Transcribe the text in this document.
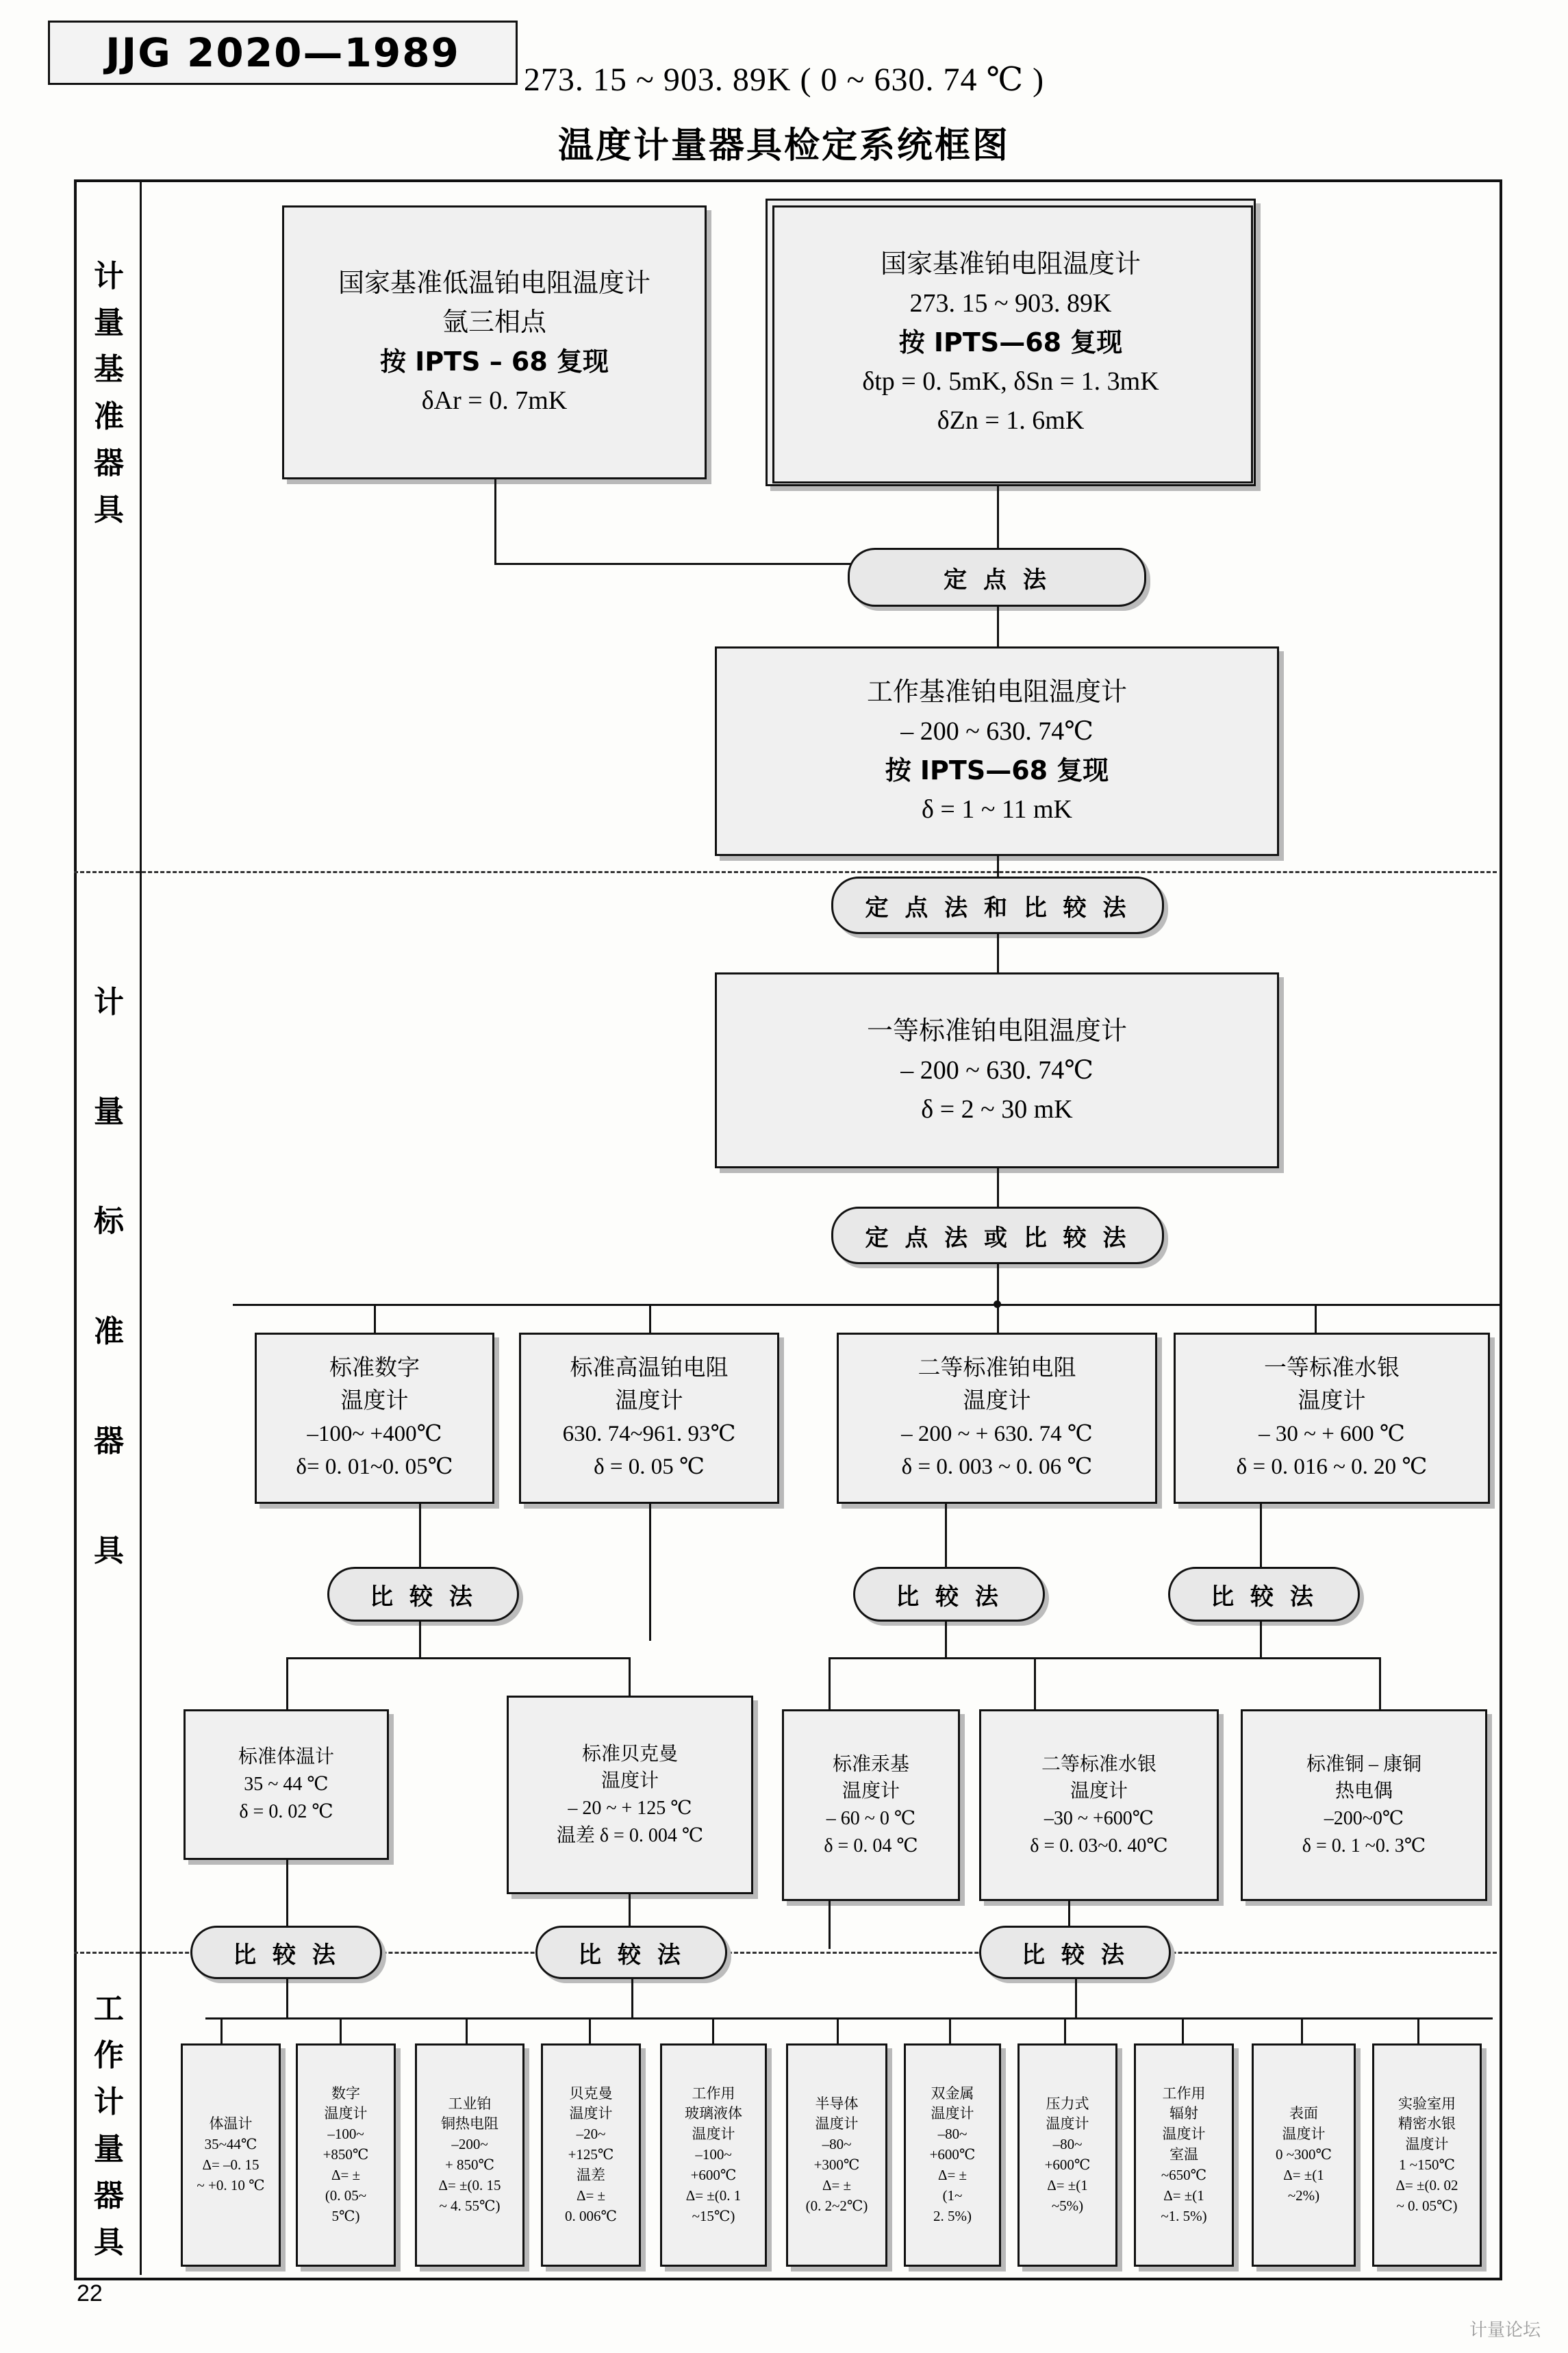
JJG 2020—1989
273. 15 ~ 903. 89K ( 0 ~ 630. 74 ℃ )
温度计量器具检定系统框图
计
量
基
准
器
具
计
量
标
准
器
具
工
作
计
量
器
具
国家基准低温铂电阻温度计
氩三相点
按 IPTS – 68 复现
δAr = 0. 7mK
国家基准铂电阻温度计
273. 15 ~ 903. 89K
按 IPTS—68 复现
δtp = 0. 5mK, δSn = 1. 3mK
δZn = 1. 6mK
定 点 法
工作基准铂电阻温度计
– 200 ~ 630. 74℃
按 IPTS—68 复现
δ = 1 ~ 11 mK
定 点 法 和 比 较 法
一等标准铂电阻温度计
– 200 ~ 630. 74℃
δ = 2 ~ 30 mK
定 点 法 或 比 较 法
标准数字
温度计
–100~ +400℃
δ= 0. 01~0. 05℃
标准高温铂电阻
温度计
630. 74~961. 93℃
δ = 0. 05 ℃
二等标准铂电阻
温度计
– 200 ~ + 630. 74 ℃
δ = 0. 003 ~ 0. 06 ℃
一等标准水银
温度计
– 30 ~ + 600 ℃
δ = 0. 016 ~ 0. 20 ℃
比 较 法	比 较 法	比 较 法
标准体温计
35 ~ 44 ℃
δ = 0. 02 ℃
标准贝克曼
温度计
– 20 ~ + 125 ℃
温差 δ = 0. 004 ℃
标准汞基
温度计
– 60 ~ 0 ℃
δ = 0. 04 ℃
二等标准水银
温度计
–30 ~ +600℃
δ = 0. 03~0. 40℃
标准铜 – 康铜
热电偶
–200~0℃
δ = 0. 1 ~0. 3℃
比 较 法	比 较 法	比 较 法
体温计
35~44℃
Δ= –0. 15
~ +0. 10 ℃
数字
温度计
–100~
+850℃
Δ= ±
(0. 05~
5℃)
工业铂
铜热电阻
–200~
+ 850℃
Δ= ±(0. 15
~ 4. 55℃)
贝克曼
温度计
–20~
+125℃
温差
Δ= ±
0. 006℃
工作用
玻璃液体
温度计
–100~
+600℃
Δ= ±(0. 1
~15℃)
半导体
温度计
–80~
+300℃
Δ= ±
(0. 2~2℃)
双金属
温度计
–80~
+600℃
Δ= ±
(1~
2. 5%)
压力式
温度计
–80~
+600℃
Δ= ±(1
~5%)
工作用
辐射
温度计
室温
~650℃
Δ= ±(1
~1. 5%)
表面
温度计
0 ~300℃
Δ= ±(1
~2%)
实验室用
精密水银
温度计
1 ~150℃
Δ= ±(0. 02
~ 0. 05℃)
22
计量论坛
